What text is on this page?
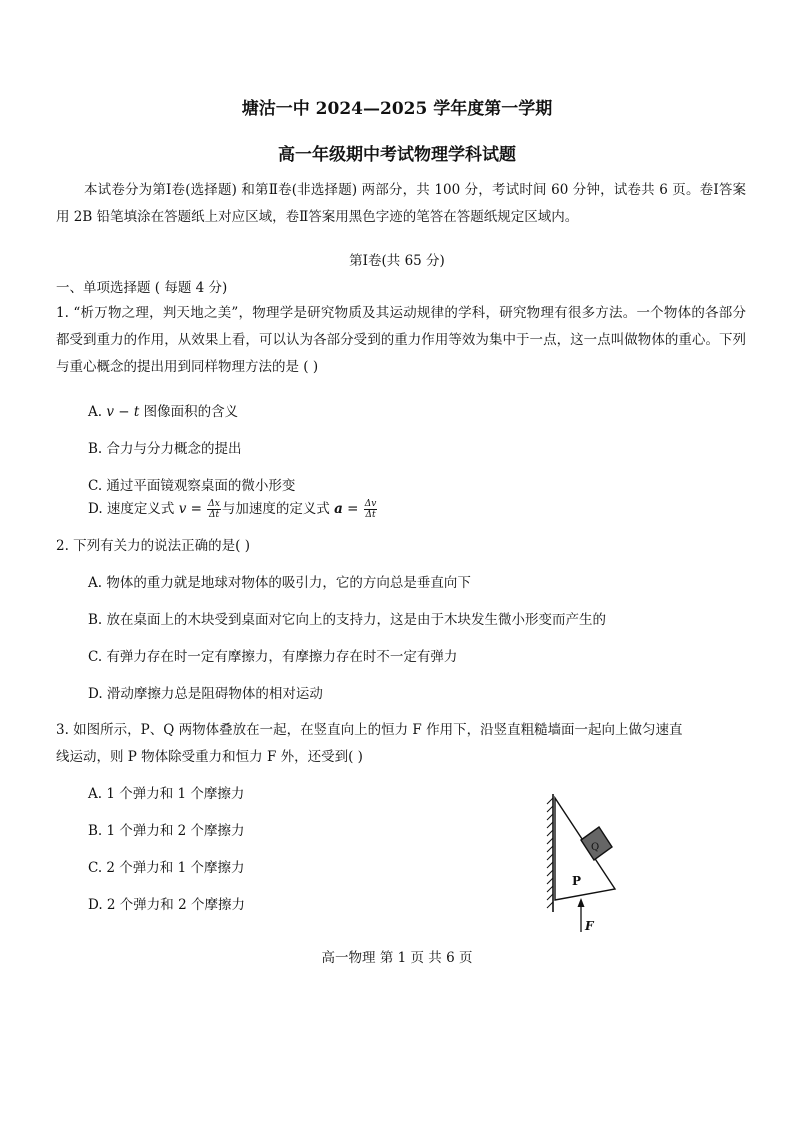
塘沽一中 2024—2025 学年度第一学期
高一年级期中考试物理学科试题
本试卷分为第Ⅰ卷(选择题) 和第Ⅱ卷(非选择题) 两部分，共 100 分，考试时间 60 分钟，试卷共 6 页。卷Ⅰ答案用 2B 铅笔填涂在答题纸上对应区域，卷Ⅱ答案用黑色字迹的笔答在答题纸规定区域内。
第Ⅰ卷(共 65 分)
一、单项选择题 ( 每题 4 分)
1. “析万物之理，判天地之美”，物理学是研究物质及其运动规律的学科，研究物理有很多方法。一个物体的各部分都受到重力的作用，从效果上看，可以认为各部分受到的重力作用等效为集中于一点，这一点叫做物体的重心。下列与重心概念的提出用到同样物理方法的是 ( )
A. v − t 图像面积的含义
B. 合力与分力概念的提出
C. 通过平面镜观察桌面的微小形变
D. 速度定义式 $v = \frac{\Delta x}{\Delta t}$ 与加速度的定义式 $a = \frac{\Delta v}{\Delta t}$
2. 下列有关力的说法正确的是( )
A. 物体的重力就是地球对物体的吸引力，它的方向总是垂直向下
B. 放在桌面上的木块受到桌面对它向上的支持力，这是由于木块发生微小形变而产生的
C. 有弹力存在时一定有摩擦力，有摩擦力存在时不一定有弹力
D. 滑动摩擦力总是阻碍物体的相对运动
3. 如图所示，P、Q 两物体叠放在一起，在竖直向上的恒力 F 作用下，沿竖直粗糙墙面一起向上做匀速直
线运动，则 P 物体除受重力和恒力 F 外，还受到( )
A. 1 个弹力和 1 个摩擦力
B. 1 个弹力和 2 个摩擦力
C. 2 个弹力和 1 个摩擦力
D. 2 个弹力和 2 个摩擦力
Q
P
F
高一物理 第 1 页 共 6 页
